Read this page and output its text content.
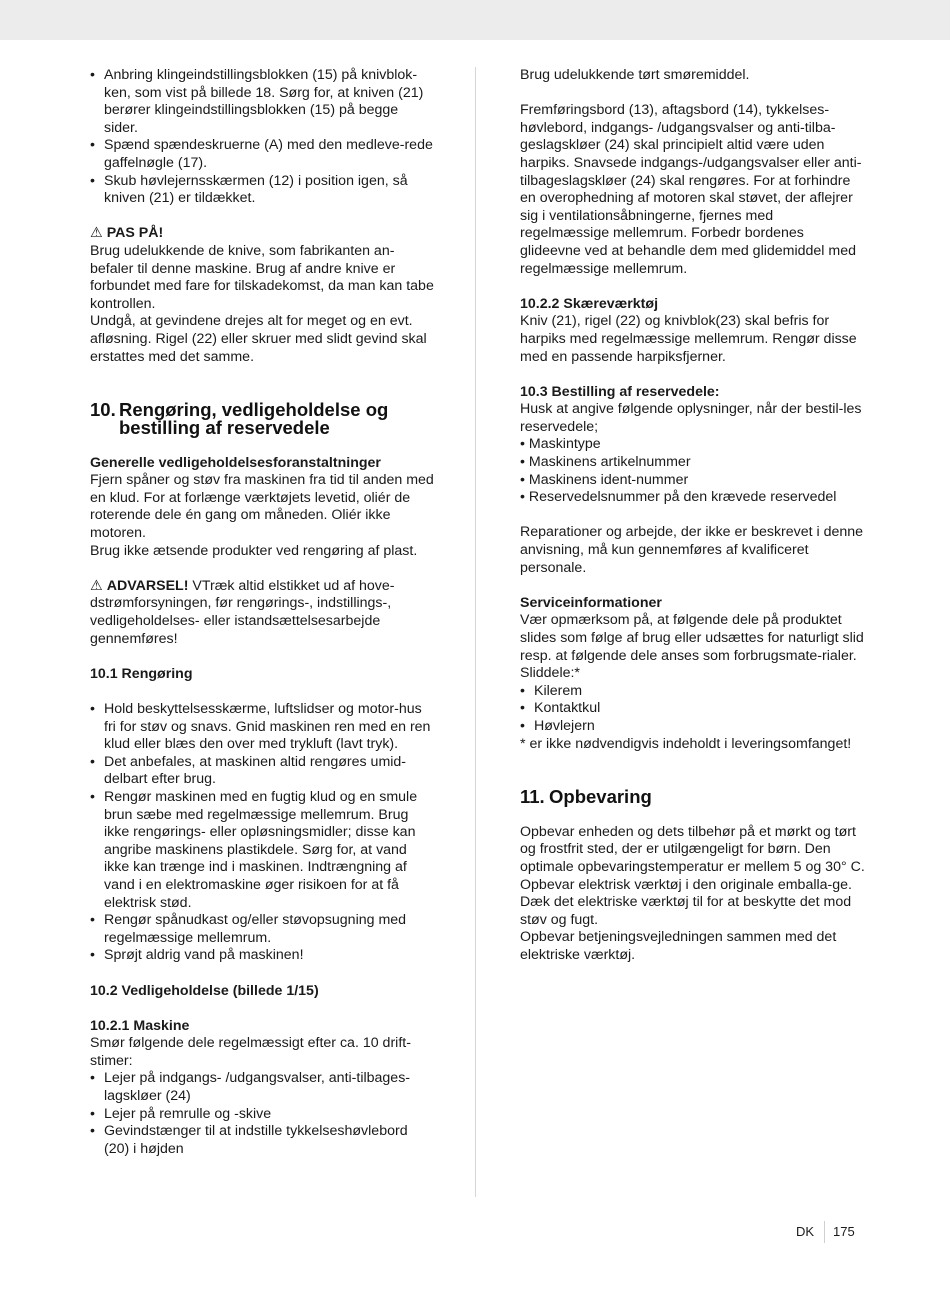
• Anbring klingeindstillingsblokken (15) på knivblok-ken, som vist på billede 18. Sørg for, at kniven (21) berører klingeindstillingsblokken (15) på begge sider.
• Spænd spændeskruerne (A) med den medleve-rede gaffelnøgle (17).
• Skub høvlejernsskærmen (12) i position igen, så kniven (21) er tildækket.

⚠ PAS PÅ!

Brug udelukkende de knive, som fabrikanten an-befaler til denne maskine. Brug af andre knive er forbundet med fare for tilskadekomst, da man kan tabe kontrollen.

Undgå, at gevindene drejes alt for meget og en evt. afløsning. Rigel (22) eller skruer med slidt gevind skal erstattes med det samme.

10. Rengøring, vedligeholdelse og bestilling af reservedele

Generelle vedligeholdelsesforanstaltninger

Fjern spåner og støv fra maskinen fra tid til anden med en klud. For at forlænge værktøjets levetid, oliér de roterende dele én gang om måneden. Oliér ikke motoren.

Brug ikke ætsende produkter ved rengøring af plast.

⚠ ADVARSEL! VTræk altid elstikket ud af hove-dstrømforsyningen, før rengørings-, indstillings-, vedligeholdelses- eller istandsættelsesarbejde gennemføres!

10.1 Rengøring

• Hold beskyttelsesskærme, luftslidser og motor-hus fri for støv og snavs. Gnid maskinen ren med en ren klud eller blæs den over med trykluft (lavt tryk).
• Det anbefales, at maskinen altid rengøres umid-delbart efter brug.
• Rengør maskinen med en fugtig klud og en smule brun sæbe med regelmæssige mellemrum. Brug ikke rengørings- eller opløsningsmidler; disse kan angribe maskinens plastikdele. Sørg for, at vand ikke kan trænge ind i maskinen. Indtrængning af vand i en elektromaskine øger risikoen for at få elektrisk stød.
• Rengør spånudkast og/eller støvopsugning med regelmæssige mellemrum.
• Sprøjt aldrig vand på maskinen!

10.2 Vedligeholdelse (billede 1/15)

10.2.1 Maskine

Smør følgende dele regelmæssigt efter ca. 10 drift-stimer:

• Lejer på indgangs- /udgangsvalser, anti-tilbages-lagskløer (24)
• Lejer på remrulle og -skive
• Gevindstænger til at indstille tykkelseshøvlebord (20) i højden

Brug udelukkende tørt smøremiddel.

Fremføringsbord (13), aftagsbord (14), tykkelses-høvlebord, indgangs- /udgangsvalser og anti-tilba-geslagskløer (24) skal principielt altid være uden harpiks. Snavsede indgangs-/udgangsvalser eller anti-tilbageslagskløer (24) skal rengøres. For at forhindre en overophedning af motoren skal støvet, der aflejrer sig i ventilationsåbningerne, fjernes med regelmæssige mellemrum. Forbedr bordenes glideevne ved at behandle dem med glidemiddel med regelmæssige mellemrum.

10.2.2 Skæreværktøj

Kniv (21), rigel (22) og knivblok(23) skal befris for harpiks med regelmæssige mellemrum. Rengør disse med en passende harpiksfjerner.

10.3 Bestilling af reservedele:

Husk at angive følgende oplysninger, når der bestil-les reservedele;

• Maskintype

• Maskinens artikelnummer

• Maskinens ident-nummer

• Reservedelsnummer på den krævede reservedel

Reparationer og arbejde, der ikke er beskrevet i denne anvisning, må kun gennemføres af kvalificeret personale.

Serviceinformationer

Vær opmærksom på, at følgende dele på produktet slides som følge af brug eller udsættes for naturligt slid resp. at følgende dele anses som forbrugsmate-rialer.

Sliddele:*

• Kilerem
• Kontaktkul
• Høvlejern

* er ikke nødvendigvis indeholdt i leveringsomfanget!

11. Opbevaring

Opbevar enheden og dets tilbehør på et mørkt og tørt og frostfrit sted, der er utilgængeligt for børn. Den optimale opbevaringstemperatur er mellem 5 og 30° C.

Opbevar elektrisk værktøj i den originale emballa-ge.

Dæk det elektriske værktøj til for at beskytte det mod støv og fugt.

Opbevar betjeningsvejledningen sammen med det elektriske værktøj.

DK	175
